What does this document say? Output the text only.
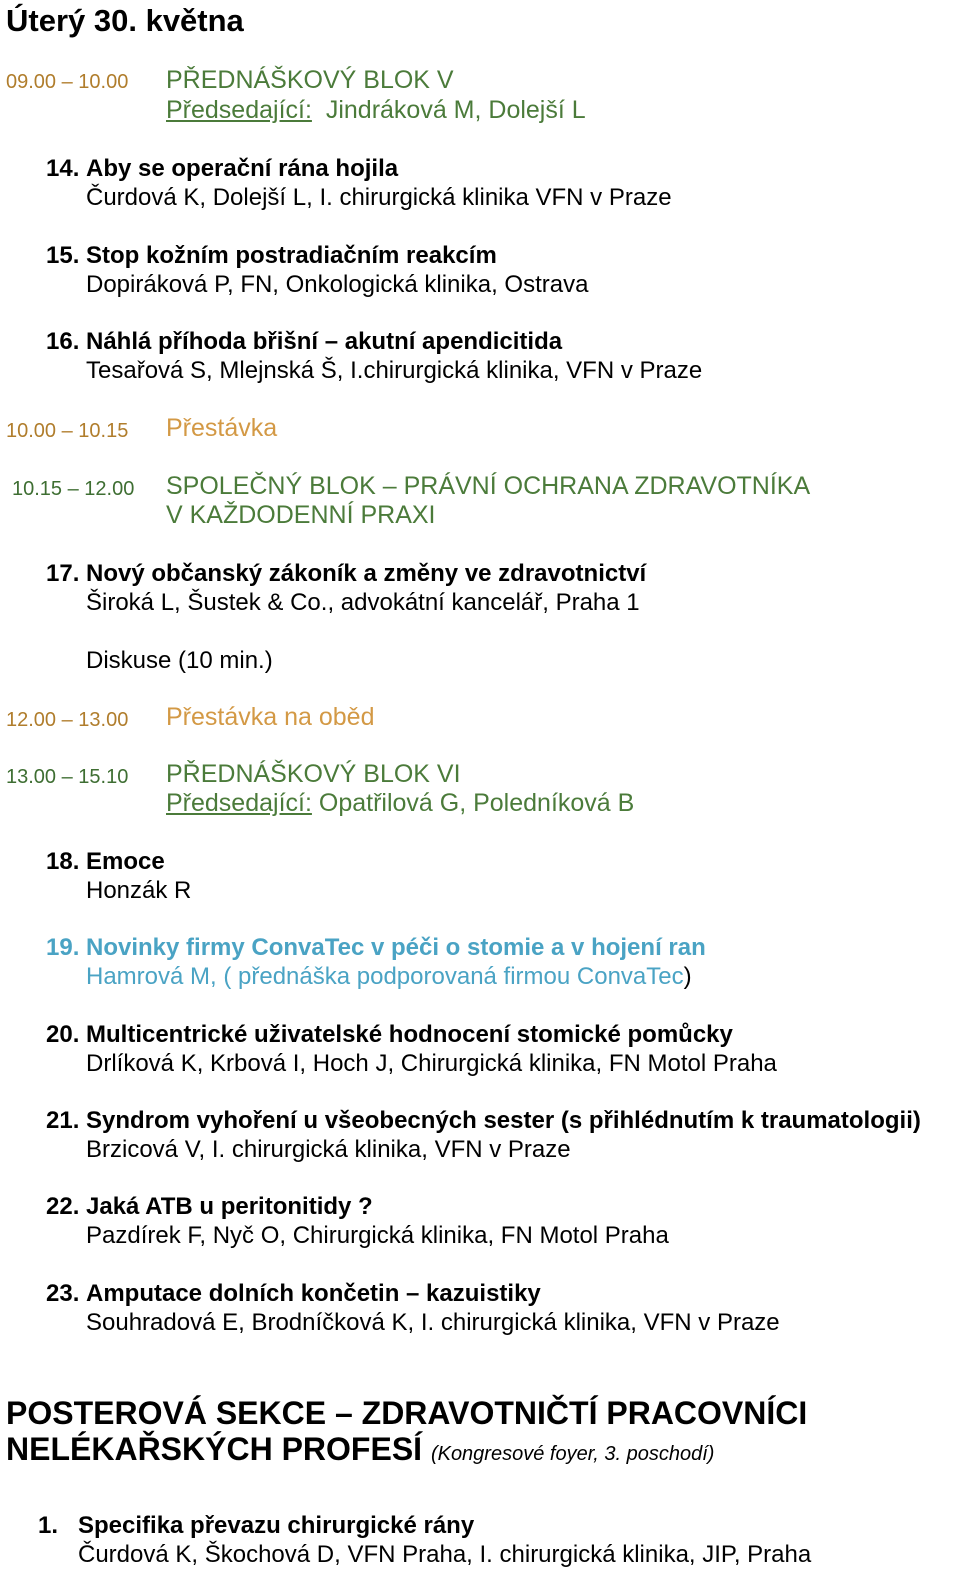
Úterý 30. května
09.00 – 10.00 PŘEDNÁŠKOVÝ BLOK V
Předsedající: Jindráková M, Dolejší L
14. Aby se operační rána hojila
Čurdová K, Dolejší L, I. chirurgická klinika VFN v Praze
15. Stop kožním postradiačním reakcím
Dopiráková P, FN, Onkologická klinika, Ostrava
16. Náhlá příhoda břišní – akutní apendicitida
Tesařová S, Mlejnská Š, I.chirurgická klinika, VFN v Praze
10.00 – 10.15 Přestávka
10.15 – 12.00 SPOLEČNÝ BLOK – PRÁVNÍ OCHRANA ZDRAVOTNÍKA
V KAŽDODENNÍ PRAXI
17. Nový občanský zákoník a změny ve zdravotnictví
Široká L, Šustek & Co., advokátní kancelář, Praha 1
Diskuse (10 min.)
12.00 – 13.00 Přestávka na oběd
13.00 – 15.10 PŘEDNÁŠKOVÝ BLOK VI
Předsedající: Opatřilová G, Poledníková B
18. Emoce
Honzák R
19. Novinky firmy ConvaTec v péči o stomie a v hojení ran
Hamrová M, ( přednáška podporovaná firmou ConvaTec)
20. Multicentrické uživatelské hodnocení stomické pomůcky
Drlíková K, Krbová I, Hoch J, Chirurgická klinika, FN Motol Praha
21. Syndrom vyhoření u všeobecných sester (s přihlédnutím k traumatologii)
Brzicová V, I. chirurgická klinika, VFN v Praze
22. Jaká ATB u peritonitidy ?
Pazdírek F, Nyč O, Chirurgická klinika, FN Motol Praha
23. Amputace dolních končetin – kazuistiky
Souhradová E, Brodníčková K, I. chirurgická klinika, VFN v Praze
POSTEROVÁ SEKCE – ZDRAVOTNIČTÍ PRACOVNÍCI
NELÉKAŘSKÝCH PROFESÍ (Kongresové foyer, 3. poschodí)
1. Specifika převazu chirurgické rány
Čurdová K, Škochová D, VFN Praha, I. chirurgická klinika, JIP, Praha
